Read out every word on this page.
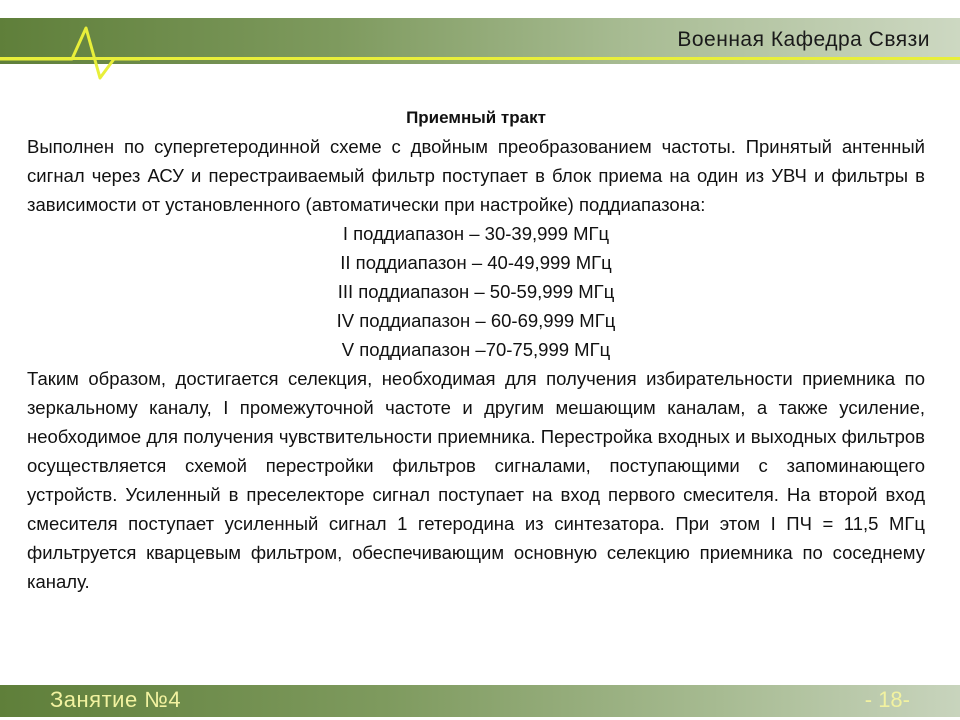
Военная Кафедра Связи

Приемный тракт

Выполнен по супергетеродинной схеме с двойным преобразованием частоты. Принятый антенный сигнал через АСУ и перестраиваемый фильтр поступает в блок приема на один из УВЧ и фильтры в зависимости от установленного (автоматически при настройке) поддиапазона:

I поддиапазон – 30-39,999 МГц
II поддиапазон – 40-49,999 МГц
III поддиапазон – 50-59,999 МГц
IV поддиапазон – 60-69,999 МГц
V поддиапазон –70-75,999 МГц

Таким образом, достигается селекция, необходимая для получения избирательности приемника по зеркальному каналу, I промежуточной частоте и другим мешающим каналам, а также усиление, необходимое для получения чувствительности приемника. Перестройка входных и выходных фильтров осуществляется схемой перестройки фильтров сигналами, поступающими с запоминающего устройств. Усиленный в преселекторе сигнал поступает на вход первого смесителя. На второй вход смесителя поступает усиленный сигнал 1 гетеродина из синтезатора. При этом I ПЧ = 11,5 МГц фильтруется кварцевым фильтром, обеспечивающим основную селекцию приемника по соседнему каналу.

Занятие №4	- 18-
